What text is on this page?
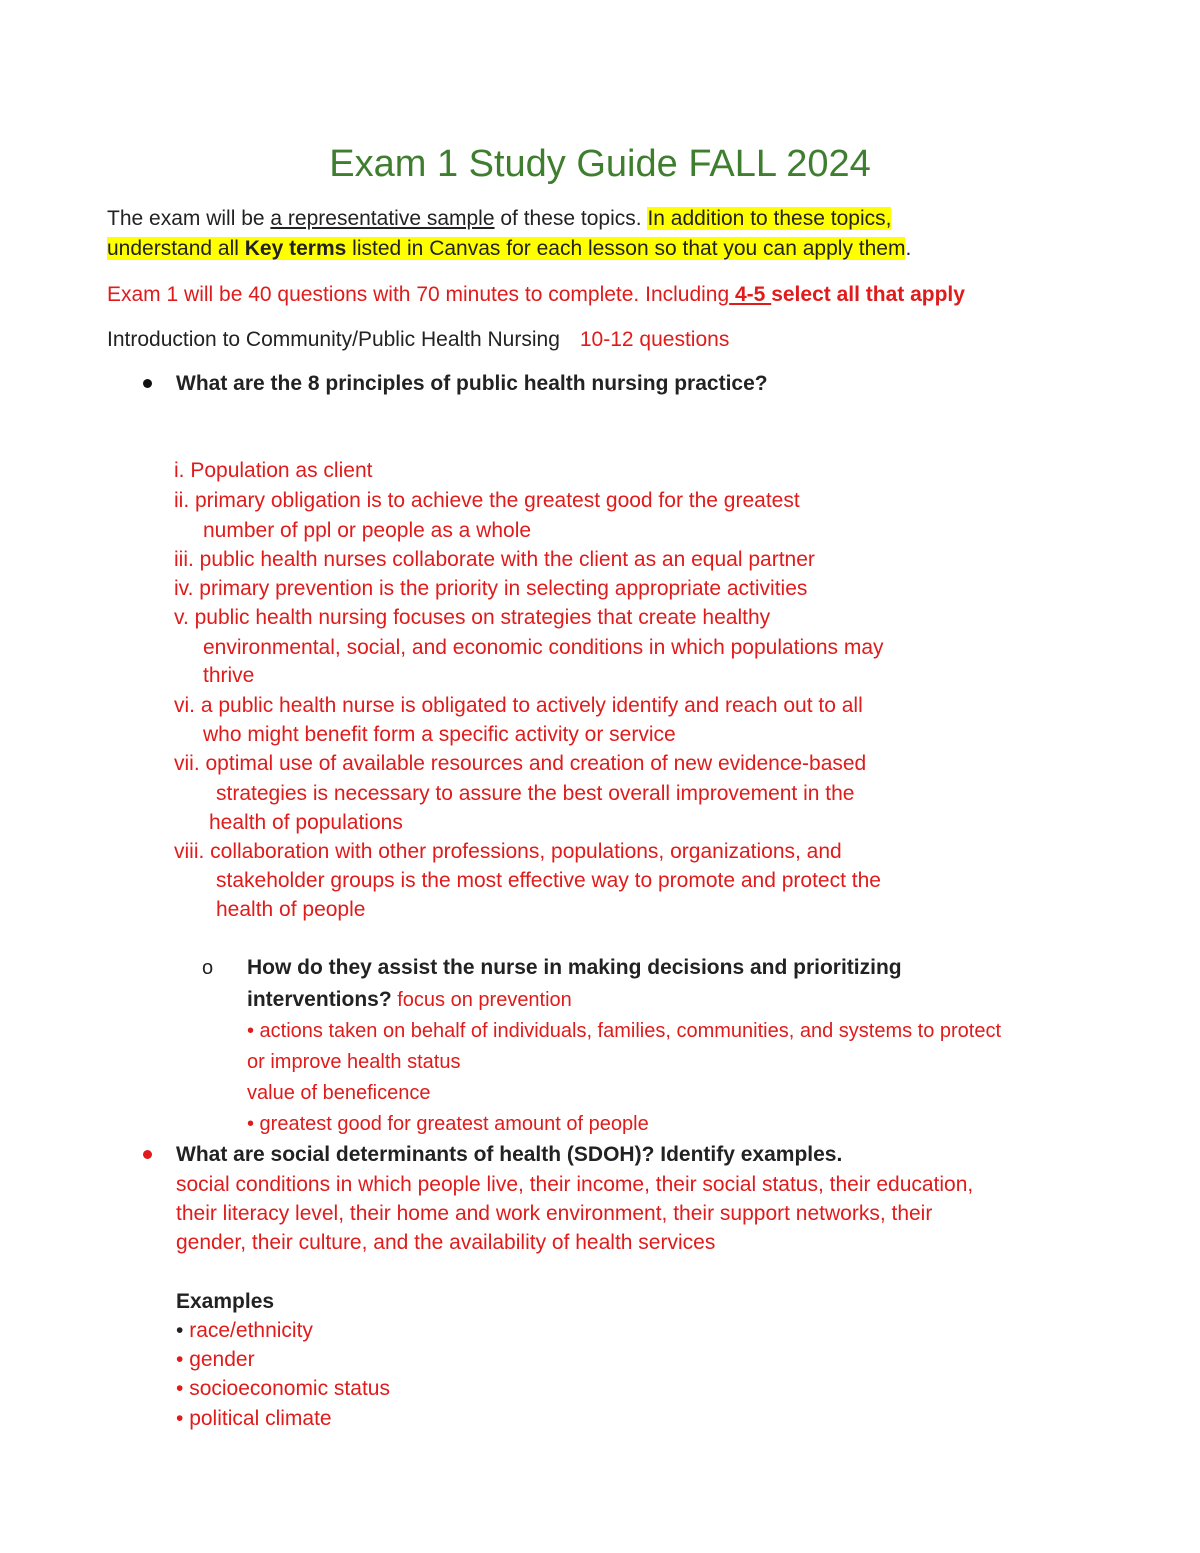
Exam 1 Study Guide FALL 2024
The exam will be a representative sample of these topics. In addition to these topics,
understand all Key terms listed in Canvas for each lesson so that you can apply them.
Exam 1 will be 40 questions with 70 minutes to complete. Including 4-5 select all that apply
Introduction to Community/Public Health Nursing 10-12 questions
What are the 8 principles of public health nursing practice?
i. Population as client
ii. primary obligation is to achieve the greatest good for the greatest
number of ppl or people as a whole
iii. public health nurses collaborate with the client as an equal partner
iv. primary prevention is the priority in selecting appropriate activities
v. public health nursing focuses on strategies that create healthy
environmental, social, and economic conditions in which populations may
thrive
vi. a public health nurse is obligated to actively identify and reach out to all
who might benefit form a specific activity or service
vii. optimal use of available resources and creation of new evidence-based
strategies is necessary to assure the best overall improvement in the
health of populations
viii. collaboration with other professions, populations, organizations, and
stakeholder groups is the most effective way to promote and protect the
health of people
o How do they assist the nurse in making decisions and prioritizing
interventions? focus on prevention
• actions taken on behalf of individuals, families, communities, and systems to protect
or improve health status
value of beneficence
• greatest good for greatest amount of people
What are social determinants of health (SDOH)? Identify examples.
social conditions in which people live, their income, their social status, their education,
their literacy level, their home and work environment, their support networks, their
gender, their culture, and the availability of health services
Examples
• race/ethnicity
• gender
• socioeconomic status
• political climate
